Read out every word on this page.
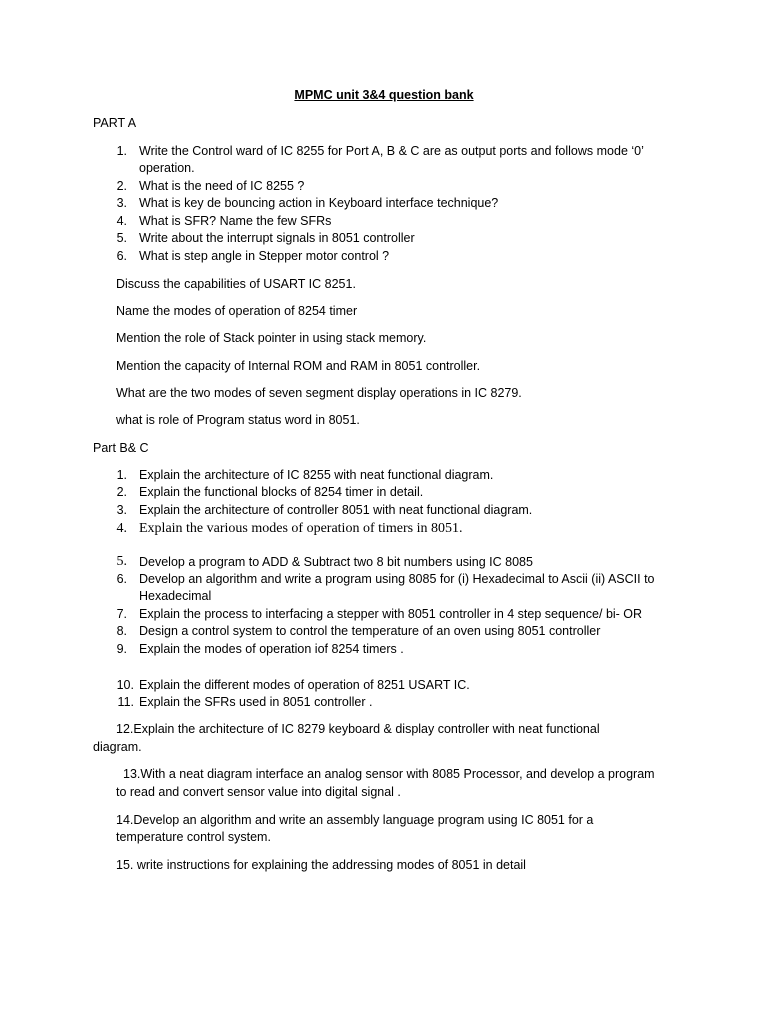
MPMC unit 3&4 question bank
PART A
1. Write the Control ward of IC 8255 for Port A, B & C are as output ports and follows mode ‘0’
operation.
2. What is the need of IC 8255 ?
3. What is key de bouncing action in Keyboard interface technique?
4. What is SFR? Name the few SFRs
5. Write about the interrupt signals in 8051 controller
6. What is step angle in Stepper motor control ?
Discuss the capabilities of USART IC 8251.
Name the modes of operation of 8254 timer
Mention the role of Stack pointer in using stack memory.
Mention the capacity of Internal ROM and RAM in 8051 controller.
What are the two modes of seven segment display operations in IC 8279.
what is role of Program status word in 8051.
Part B& C
1. Explain the architecture of IC 8255 with neat functional diagram.
2. Explain the functional blocks of 8254 timer in detail.
3. Explain the architecture of controller 8051 with neat functional diagram.
4. Explain the various modes of operation of timers in 8051.
5. Develop a program to ADD & Subtract two 8 bit numbers using IC 8085
6. Develop an algorithm and write a program using 8085 for (i) Hexadecimal to Ascii (ii) ASCII to
Hexadecimal
7. Explain the process to interfacing a stepper with 8051 controller in 4 step sequence/ bi- OR
8. Design a control system to control the temperature of an oven using 8051 controller
9. Explain the modes of operation iof 8254 timers .
10. Explain the different modes of operation of 8251 USART IC.
11. Explain the SFRs used in 8051 controller .
12.Explain the architecture of IC 8279 keyboard & display controller with neat functional
diagram.
13.With a neat diagram interface an analog sensor with 8085 Processor, and develop a program
to read and convert sensor value into digital signal .
14.Develop an algorithm and write an assembly language program using IC 8051 for a
temperature control system.
15. write instructions for explaining the addressing modes of 8051 in detail
